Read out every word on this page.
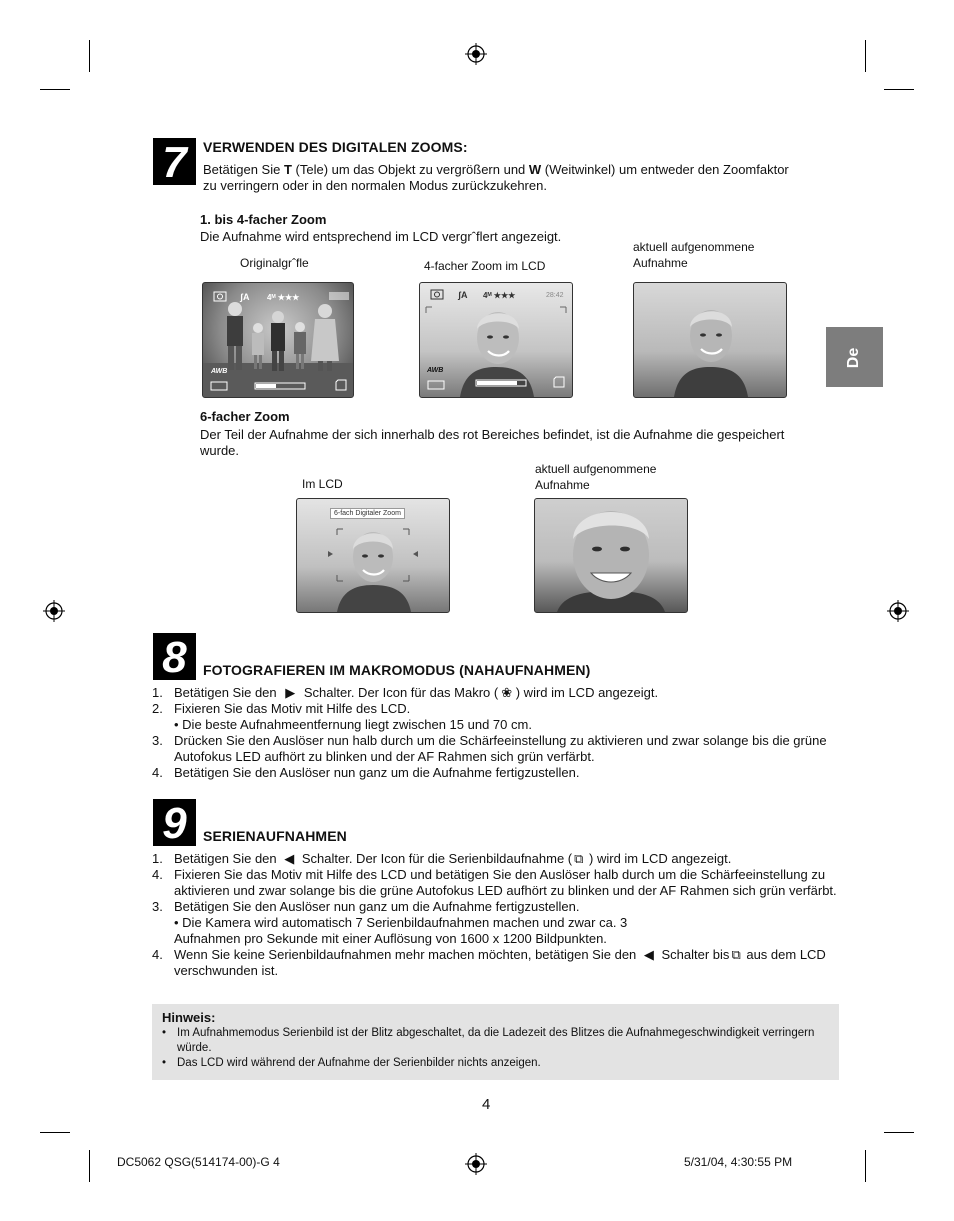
De
7	VERWENDEN DES DIGITALEN ZOOMS:
Betätigen Sie T (Tele) um das Objekt zu vergrößern und W (Weitwinkel) um entweder den Zoomfaktor
zu verringern oder in den normalen Modus zurückzukehren.
1. bis 4-facher Zoom
Die Aufnahme wird entsprechend im LCD vergrˆflert angezeigt.
Originalgrˆfle	4-facher Zoom im LCD
aktuell aufgenommene
Aufnahme
ʃA 4ᴹ ★★★
AWB
ʃA 4ᴹ ★★★	28:42
AWB
6-facher Zoom
Der Teil der Aufnahme der sich innerhalb des rot Bereiches befindet, ist die Aufnahme die gespeichert
wurde.
Im LCD
aktuell aufgenommene
Aufnahme
6-fach Digitaler Zoom
8	FOTOGRAFIEREN IM MAKROMODUS (NAHAUFNAHMEN)
1. Betätigen Sie den ▶ Schalter. Der Icon für das Makro ( ❀ ) wird im LCD angezeigt.
2. Fixieren Sie das Motiv mit Hilfe des LCD.
• Die beste Aufnahmeentfernung liegt zwischen 15 und 70 cm.
3. Drücken Sie den Auslöser nun halb durch um die Schärfeeinstellung zu aktivieren und zwar solange bis die grüne Autofokus LED aufhört zu blinken und der AF Rahmen sich grün verfärbt.
4. Betätigen Sie den Auslöser nun ganz um die Aufnahme fertigzustellen.
9	SERIENAUFNAHMEN
1. Betätigen Sie den ◀ Schalter. Der Icon für die Serienbildaufnahme ( ⧉ ) wird im LCD angezeigt.
4. Fixieren Sie das Motiv mit Hilfe des LCD und betätigen Sie den Auslöser halb durch um die Schärfeeinstellung zu aktivieren und zwar solange bis die grüne Autofokus LED aufhört zu blinken und der AF Rahmen sich grün verfärbt.
3. Betätigen Sie den Auslöser nun ganz um die Aufnahme fertigzustellen.
• Die Kamera wird automatisch 7 Serienbildaufnahmen machen und zwar ca. 3 Aufnahmen pro Sekunde mit einer Auflösung von 1600 x 1200 Bildpunkten.
4. Wenn Sie keine Serienbildaufnahmen mehr machen möchten, betätigen Sie den ◀ Schalter bis ⧉ aus dem LCD verschwunden ist.
Hinweis:
• Im Aufnahmemodus Serienbild ist der Blitz abgeschaltet, da die Ladezeit des Blitzes die Aufnahmegeschwindigkeit verringern würde.
• Das LCD wird während der Aufnahme der Serienbilder nichts anzeigen.
4
DC5062 QSG(514174-00)-G 4	5/31/04, 4:30:55 PM
